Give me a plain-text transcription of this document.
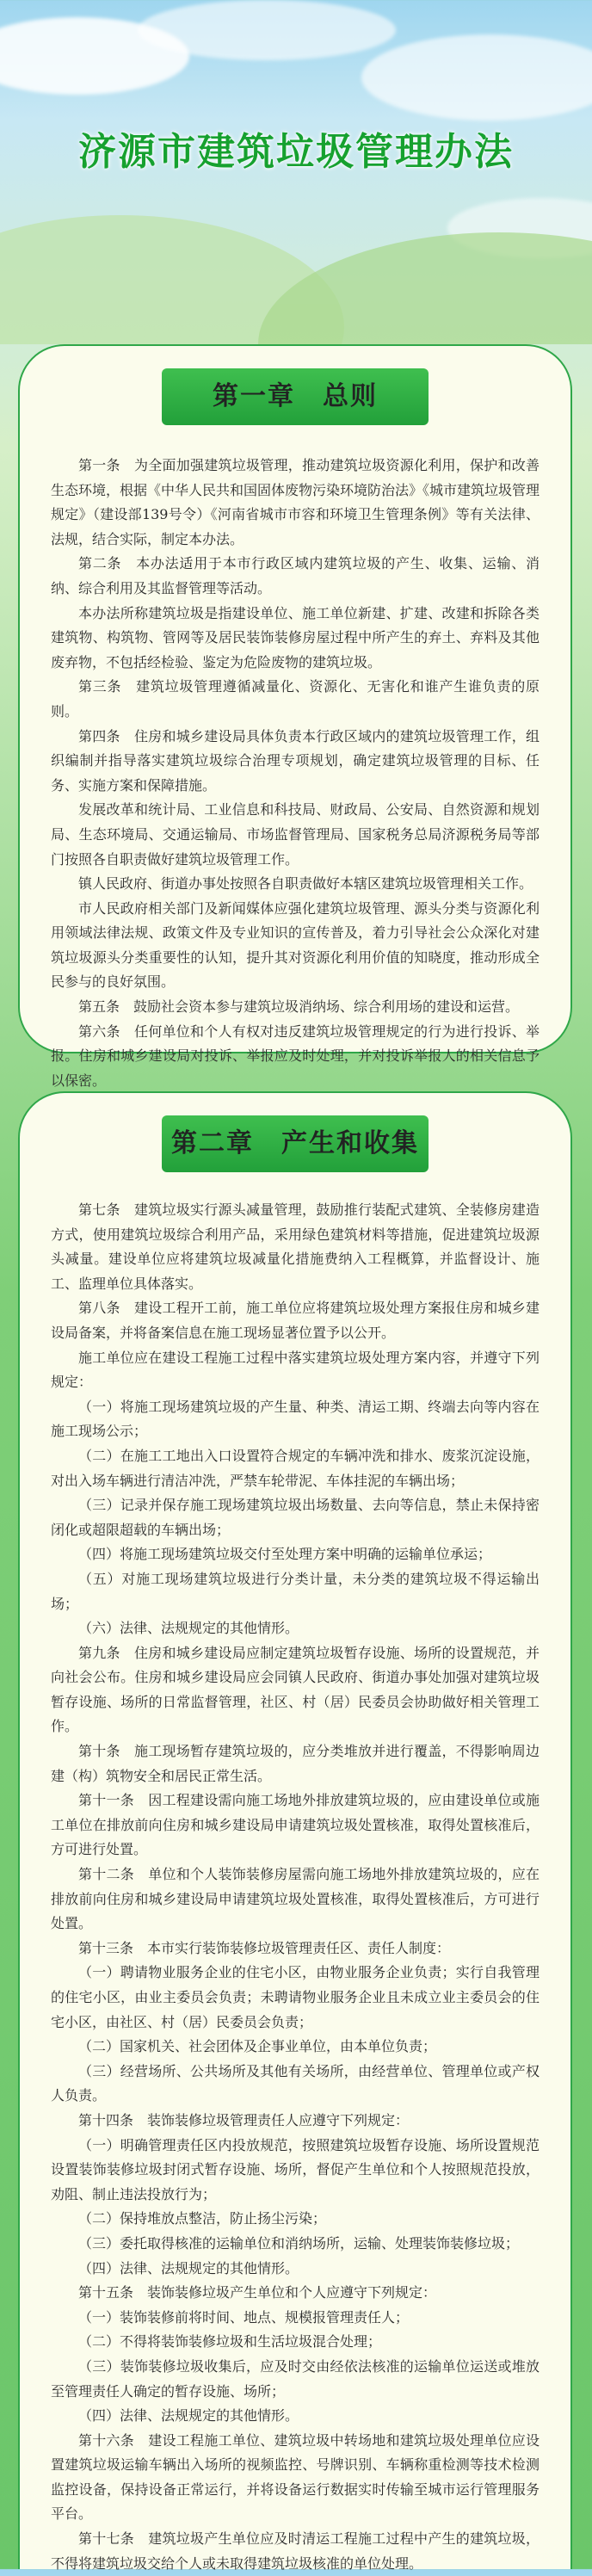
济源市建筑垃圾管理办法
第一章　总则

第一条　为全面加强建筑垃圾管理，推动建筑垃圾资源化利用，保护和改善生态环境，根据《中华人民共和国固体废物污染环境防治法》《城市建筑垃圾管理规定》（建设部139号令）《河南省城市市容和环境卫生管理条例》等有关法律、法规，结合实际，制定本办法。

第二条　本办法适用于本市行政区域内建筑垃圾的产生、收集、运输、消纳、综合利用及其监督管理等活动。

本办法所称建筑垃圾是指建设单位、施工单位新建、扩建、改建和拆除各类建筑物、构筑物、管网等及居民装饰装修房屋过程中所产生的弃土、弃料及其他废弃物，不包括经检验、鉴定为危险废物的建筑垃圾。

第三条　建筑垃圾管理遵循减量化、资源化、无害化和谁产生谁负责的原则。

第四条　住房和城乡建设局具体负责本行政区域内的建筑垃圾管理工作，组织编制并指导落实建筑垃圾综合治理专项规划，确定建筑垃圾管理的目标、任务、实施方案和保障措施。

发展改革和统计局、工业信息和科技局、财政局、公安局、自然资源和规划局、生态环境局、交通运输局、市场监督管理局、国家税务总局济源税务局等部门按照各自职责做好建筑垃圾管理工作。

镇人民政府、街道办事处按照各自职责做好本辖区建筑垃圾管理相关工作。

市人民政府相关部门及新闻媒体应强化建筑垃圾管理、源头分类与资源化利用领域法律法规、政策文件及专业知识的宣传普及，着力引导社会公众深化对建筑垃圾源头分类重要性的认知，提升其对资源化利用价值的知晓度，推动形成全民参与的良好氛围。

第五条　鼓励社会资本参与建筑垃圾消纳场、综合利用场的建设和运营。

第六条　任何单位和个人有权对违反建筑垃圾管理规定的行为进行投诉、举报。住房和城乡建设局对投诉、举报应及时处理，并对投诉举报人的相关信息予以保密。

第二章　产生和收集

第七条　建筑垃圾实行源头减量管理，鼓励推行装配式建筑、全装修房建造方式，使用建筑垃圾综合利用产品，采用绿色建筑材料等措施，促进建筑垃圾源头减量。建设单位应将建筑垃圾减量化措施费纳入工程概算，并监督设计、施工、监理单位具体落实。

第八条　建设工程开工前，施工单位应将建筑垃圾处理方案报住房和城乡建设局备案，并将备案信息在施工现场显著位置予以公开。

施工单位应在建设工程施工过程中落实建筑垃圾处理方案内容，并遵守下列规定：

（一）将施工现场建筑垃圾的产生量、种类、清运工期、终端去向等内容在施工现场公示；

（二）在施工工地出入口设置符合规定的车辆冲洗和排水、废浆沉淀设施，对出入场车辆进行清洁冲洗，严禁车轮带泥、车体挂泥的车辆出场；

（三）记录并保存施工现场建筑垃圾出场数量、去向等信息，禁止未保持密闭化或超限超载的车辆出场；

（四）将施工现场建筑垃圾交付至处理方案中明确的运输单位承运；

（五）对施工现场建筑垃圾进行分类计量，未分类的建筑垃圾不得运输出场；

（六）法律、法规规定的其他情形。

第九条　住房和城乡建设局应制定建筑垃圾暂存设施、场所的设置规范，并向社会公布。住房和城乡建设局应会同镇人民政府、街道办事处加强对建筑垃圾暂存设施、场所的日常监督管理，社区、村（居）民委员会协助做好相关管理工作。

第十条　施工现场暂存建筑垃圾的，应分类堆放并进行覆盖，不得影响周边建（构）筑物安全和居民正常生活。

第十一条　因工程建设需向施工场地外排放建筑垃圾的，应由建设单位或施工单位在排放前向住房和城乡建设局申请建筑垃圾处置核准，取得处置核准后，方可进行处置。

第十二条　单位和个人装饰装修房屋需向施工场地外排放建筑垃圾的，应在排放前向住房和城乡建设局申请建筑垃圾处置核准，取得处置核准后，方可进行处置。

第十三条　本市实行装饰装修垃圾管理责任区、责任人制度：

（一）聘请物业服务企业的住宅小区，由物业服务企业负责；实行自我管理的住宅小区，由业主委员会负责；未聘请物业服务企业且未成立业主委员会的住宅小区，由社区、村（居）民委员会负责；

（二）国家机关、社会团体及企事业单位，由本单位负责；

（三）经营场所、公共场所及其他有关场所，由经营单位、管理单位或产权人负责。

第十四条　装饰装修垃圾管理责任人应遵守下列规定：

（一）明确管理责任区内投放规范，按照建筑垃圾暂存设施、场所设置规范设置装饰装修垃圾封闭式暂存设施、场所，督促产生单位和个人按照规范投放，劝阻、制止违法投放行为；

（二）保持堆放点整洁，防止扬尘污染；

（三）委托取得核准的运输单位和消纳场所，运输、处理装饰装修垃圾；

（四）法律、法规规定的其他情形。

第十五条　装饰装修垃圾产生单位和个人应遵守下列规定：

（一）装饰装修前将时间、地点、规模报管理责任人；

（二）不得将装饰装修垃圾和生活垃圾混合处理；

（三）装饰装修垃圾收集后，应及时交由经依法核准的运输单位运送或堆放至管理责任人确定的暂存设施、场所；

（四）法律、法规规定的其他情形。

第十六条　建设工程施工单位、建筑垃圾中转场地和建筑垃圾处理单位应设置建筑垃圾运输车辆出入场所的视频监控、号牌识别、车辆称重检测等技术检测监控设备，保持设备正常运行，并将设备运行数据实时传输至城市运行管理服务平台。

第十七条　建筑垃圾产生单位应及时清运工程施工过程中产生的建筑垃圾，不得将建筑垃圾交给个人或未取得建筑垃圾核准的单位处理。
